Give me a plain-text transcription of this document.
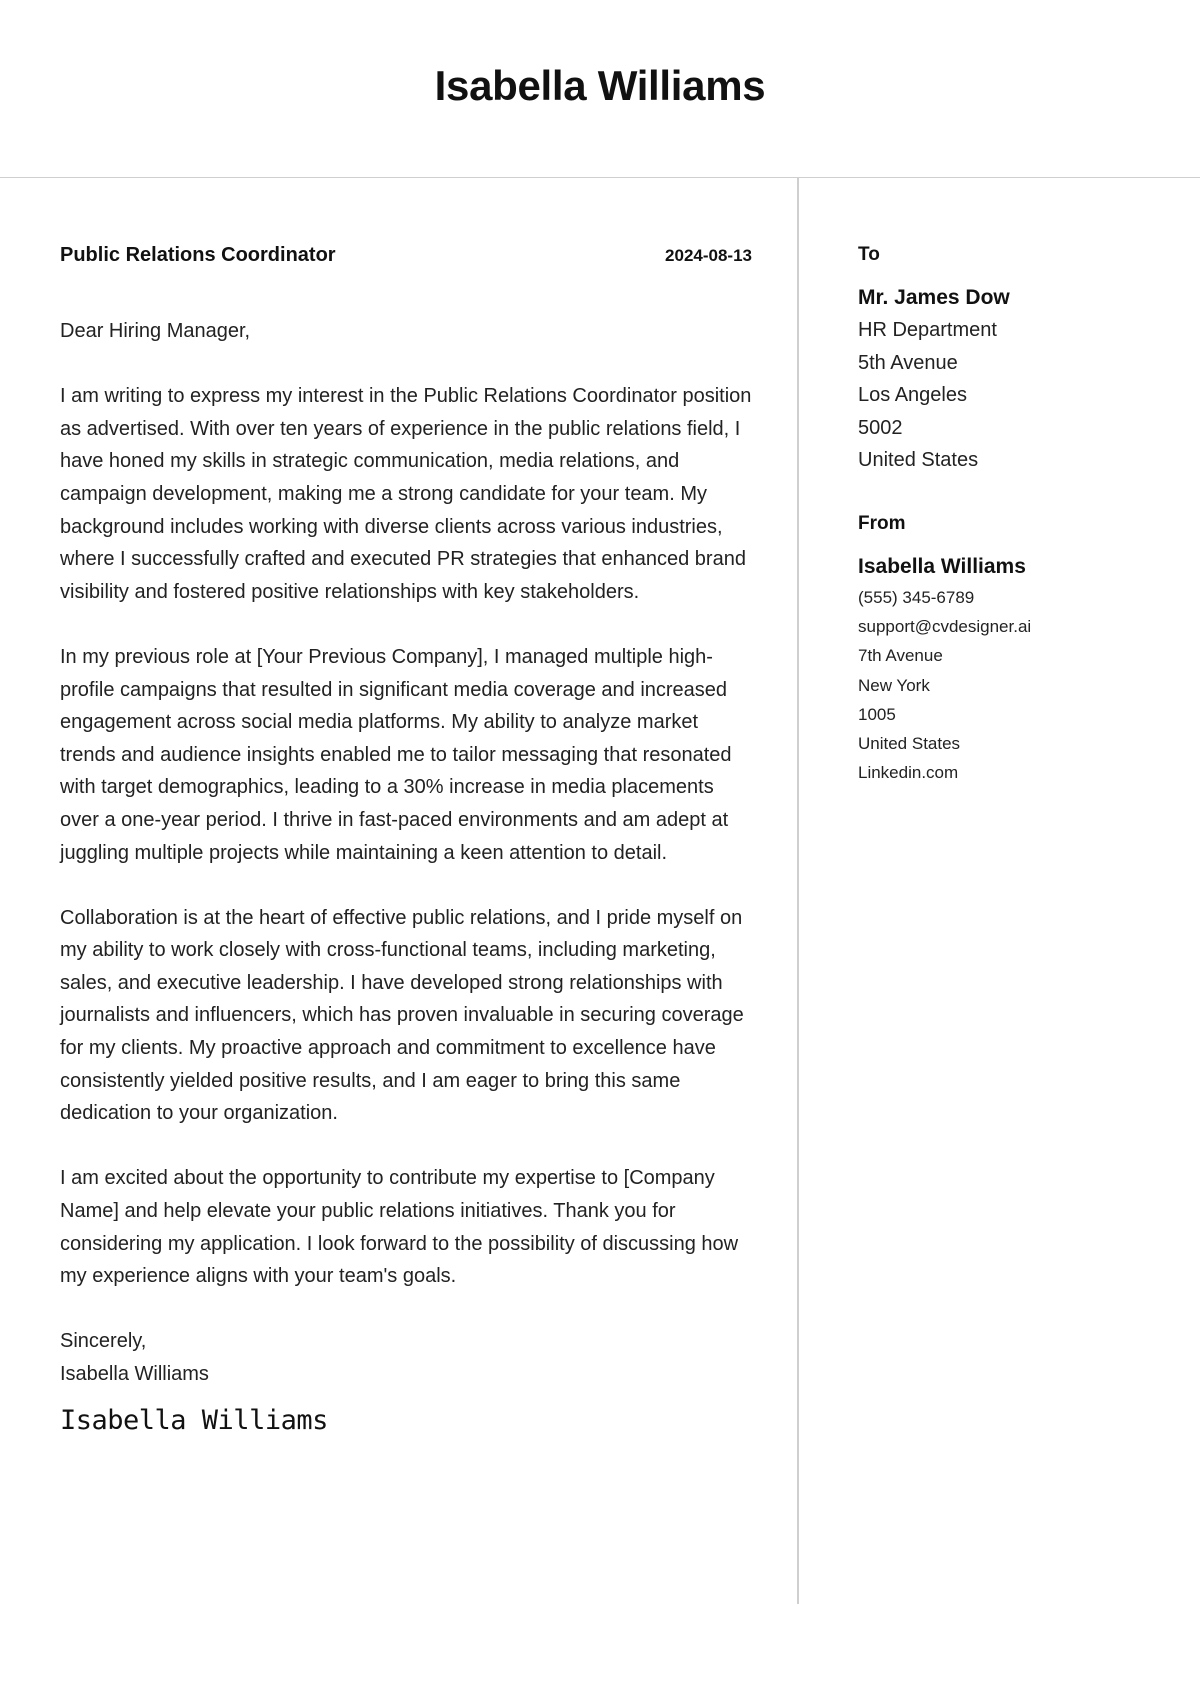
Isabella Williams
Public Relations Coordinator	2024-08-13

Dear Hiring Manager,

I am writing to express my interest in the Public Relations Coordinator position as advertised. With over ten years of experience in the public relations field, I have honed my skills in strategic communication, media relations, and campaign development, making me a strong candidate for your team. My background includes working with diverse clients across various industries, where I successfully crafted and executed PR strategies that enhanced brand visibility and fostered positive relationships with key stakeholders.

In my previous role at [Your Previous Company], I managed multiple high-profile campaigns that resulted in significant media coverage and increased engagement across social media platforms. My ability to analyze market trends and audience insights enabled me to tailor messaging that resonated with target demographics, leading to a 30% increase in media placements over a one-year period. I thrive in fast-paced environments and am adept at juggling multiple projects while maintaining a keen attention to detail.

Collaboration is at the heart of effective public relations, and I pride myself on my ability to work closely with cross-functional teams, including marketing, sales, and executive leadership. I have developed strong relationships with journalists and influencers, which has proven invaluable in securing coverage for my clients. My proactive approach and commitment to excellence have consistently yielded positive results, and I am eager to bring this same dedication to your organization.

I am excited about the opportunity to contribute my expertise to [Company Name] and help elevate your public relations initiatives. Thank you for considering my application. I look forward to the possibility of discussing how my experience aligns with your team's goals.

Sincerely,
Isabella Williams
Isabella Williams
To
Mr. James Dow
HR Department
5th Avenue
Los Angeles
5002
United States
From
Isabella Williams
(555) 345-6789
support@cvdesigner.ai
7th Avenue
New York
1005
United States
Linkedin.com
